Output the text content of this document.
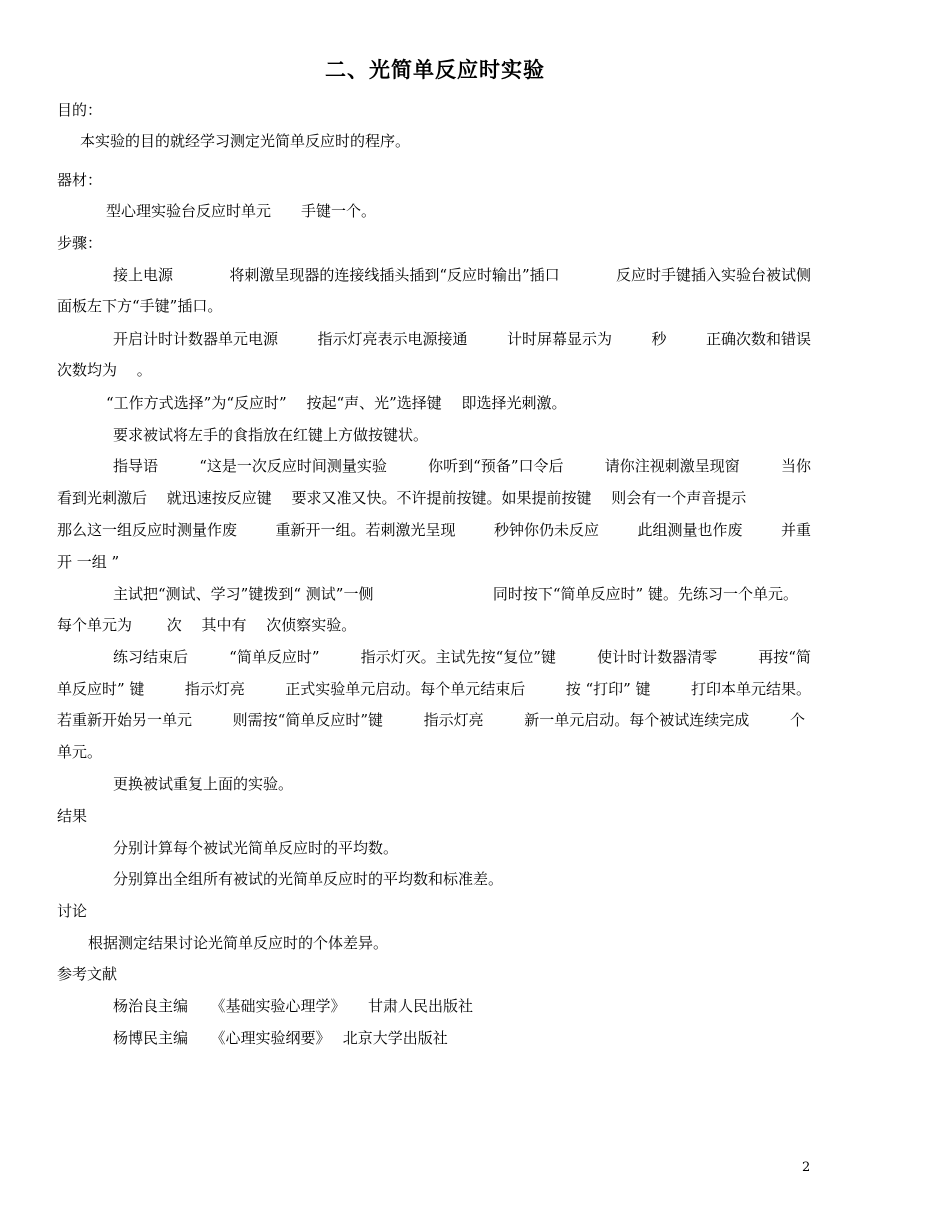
二、光简单反应时实验
目的：
本实验的目的就经学习测定光简单反应时的程序。
器材：
型心理实验台反应时单元　　手键一个。
步骤：
接上电源	将刺激呈现器的连接线插头插到“反应时输出”插口	反应时手键插入实验台被试侧
面板左下方“手键”插口。
开启计时计数器单元电源	指示灯亮表示电源接通	计时屏幕显示为	秒	正确次数和错误
次数均为　 。
“工作方式选择”为“反应时”　 按起“声、光”选择键　 即选择光刺激。
要求被试将左手的食指放在红键上方做按键状。
指导语	“这是一次反应时间测量实验	你听到“预备”口令后	请你注视刺激呈现窗	当你
看到光刺激后　 就迅速按反应键　 要求又准又快。不许提前按键。如果提前按键　 则会有一个声音提示
那么这一组反应时测量作废	重新开一组。若刺激光呈现	秒钟你仍未反应	此组测量也作废	并重
开 一组 ”
主试把“测试、学习”键拨到“ 测试”一侧	同时按下“简单反应时” 键。先练习一个单元。
每个单元为　　 次　 其中有　 次侦察实验。
练习结束后	“简单反应时”	指示灯灭。主试先按“复位”键	使计时计数器清零	再按“简
单反应时” 键	指示灯亮	正式实验单元启动。每个单元结束后	按 “打印” 键	打印本单元结果。
若重新开始另一单元	则需按“简单反应时”键	指示灯亮	新一单元启动。每个被试连续完成	个
单元。
更换被试重复上面的实验。
结果
分别计算每个被试光简单反应时的平均数。
分别算出全组所有被试的光简单反应时的平均数和标准差。
讨论
根据测定结果讨论光简单反应时的个体差异。
参考文献
杨治良主编　　《基础实验心理学》　　甘肃人民出版社
杨博民主编　　《心理实验纲要》　 北京大学出版社
2
